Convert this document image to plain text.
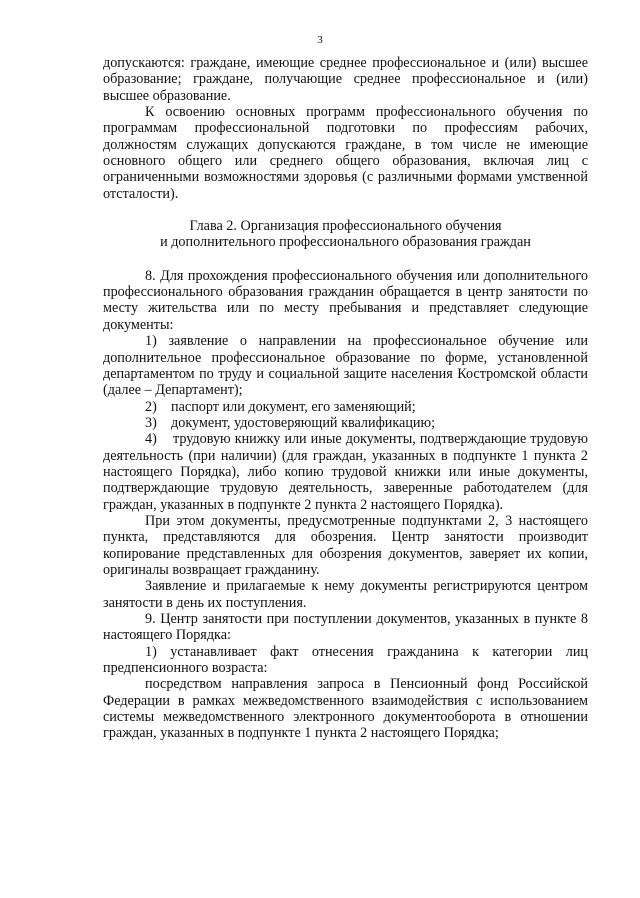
3

допускаются: граждане, имеющие среднее профессиональное и (или) высшее образование; граждане, получающие среднее профессиональное и (или) высшее образование.

К освоению основных программ профессионального обучения по программам профессиональной подготовки по профессиям рабочих, должностям служащих допускаются граждане, в том числе не имеющие основного общего или среднего общего образования, включая лиц с ограниченными возможностями здоровья (с различными формами умственной отсталости).

Глава 2. Организация профессионального обучения
и дополнительного профессионального образования граждан

8. Для прохождения профессионального обучения или дополнительного профессионального образования гражданин обращается в центр занятости по месту жительства или по месту пребывания и представляет следующие документы:

1) заявление о направлении на профессиональное обучение или дополнительное профессиональное образование по форме, установленной департаментом по труду и социальной защите населения Костромской области (далее – Департамент);

2)    паспорт или документ, его заменяющий;

3)    документ, удостоверяющий квалификацию;

4)    трудовую книжку или иные документы, подтверждающие трудовую деятельность (при наличии) (для граждан, указанных в подпункте 1 пункта 2 настоящего Порядка), либо копию трудовой книжки или иные документы, подтверждающие трудовую деятельность, заверенные работодателем (для граждан, указанных в подпункте 2 пункта 2 настоящего Порядка).

При этом документы, предусмотренные подпунктами 2, 3 настоящего пункта, представляются для обозрения. Центр занятости производит копирование представленных для обозрения документов, заверяет их копии, оригиналы возвращает гражданину.

Заявление и прилагаемые к нему документы регистрируются центром занятости в день их поступления.

9. Центр занятости при поступлении документов, указанных в пункте 8 настоящего Порядка:

1) устанавливает факт отнесения гражданина к категории лиц предпенсионного возраста:

посредством направления запроса в Пенсионный фонд Российской Федерации в рамках межведомственного взаимодействия с использованием системы межведомственного электронного документооборота в отношении граждан, указанных в подпункте 1 пункта 2 настоящего Порядка;
